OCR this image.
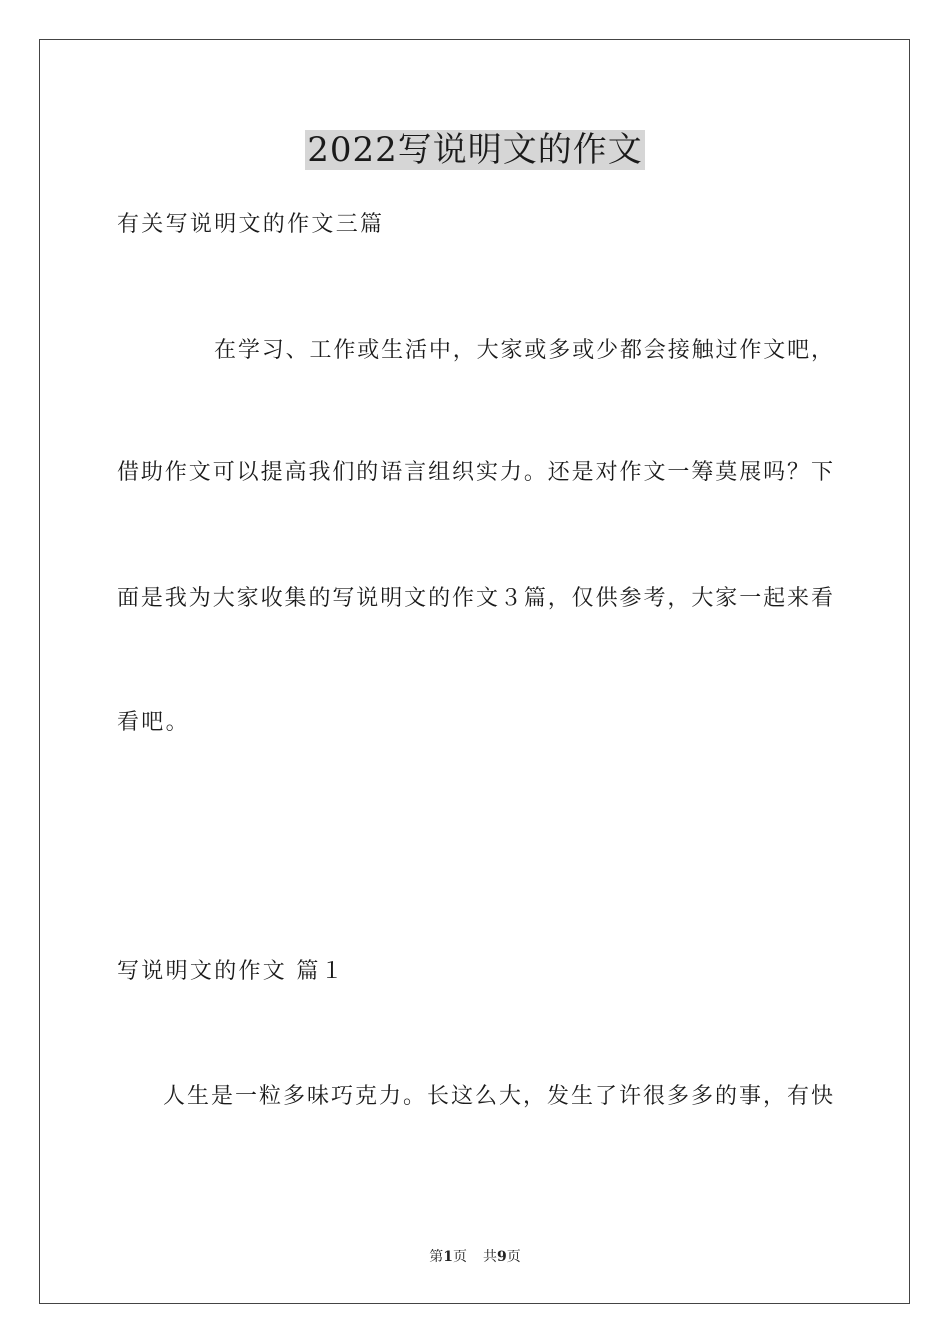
2022写说明文的作文
有关写说明文的作文三篇
在学习、工作或生活中，大家或多或少都会接触过作文吧，
借助作文可以提高我们的语言组织实力。还是对作文一筹莫展吗？下
面是我为大家收集的写说明文的作文３篇，仅供参考，大家一起来看
看吧。
写说明文的作文 篇１
人生是一粒多味巧克力。长这么大，发生了许很多多的事，有快
第1页 共9页
